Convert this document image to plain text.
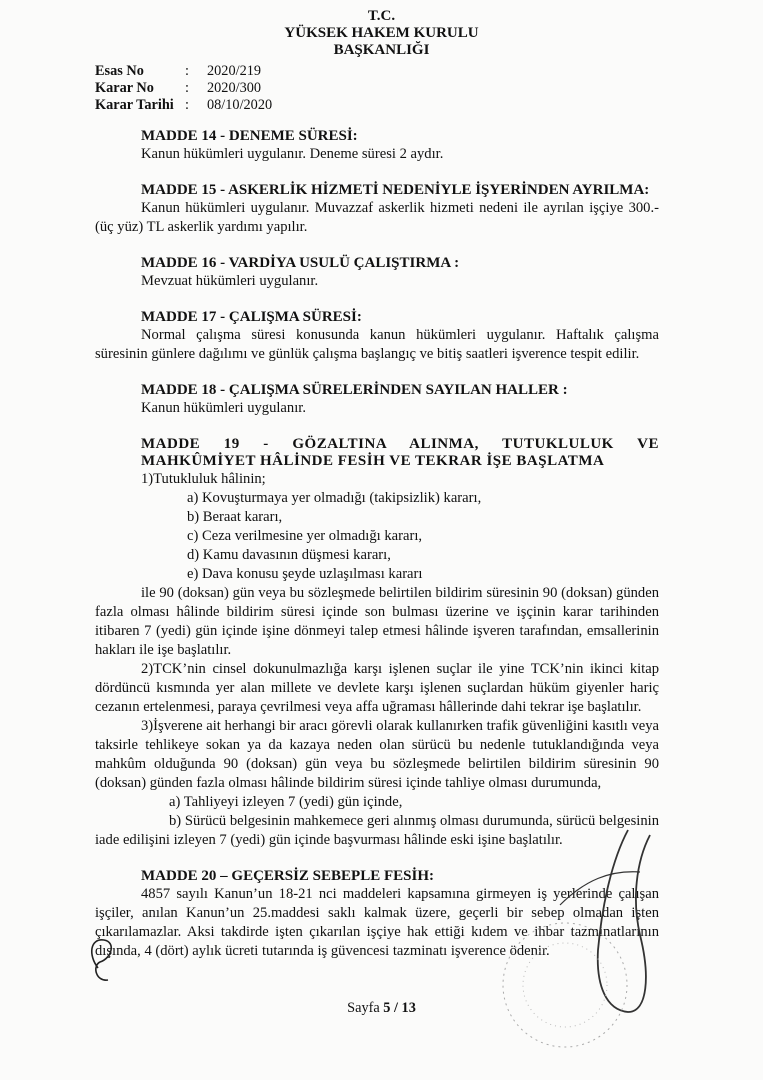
T.C.
YÜKSEK HAKEM KURULU
BAŞKANLIĞI
Esas No	:	2020/219
Karar No	:	2020/300
Karar Tarihi :	08/10/2020
MADDE 14 - DENEME SÜRESİ:

Kanun hükümleri uygulanır. Deneme süresi 2 aydır.

MADDE 15 - ASKERLİK HİZMETİ NEDENİYLE İŞYERİNDEN AYRILMA:

Kanun hükümleri uygulanır. Muvazzaf askerlik hizmeti nedeni ile ayrılan işçiye 300.- (üç yüz) TL askerlik yardımı yapılır.

MADDE 16 - VARDİYA USULÜ ÇALIŞTIRMA :

Mevzuat hükümleri uygulanır.

MADDE 17 - ÇALIŞMA SÜRESİ:

Normal çalışma süresi konusunda kanun hükümleri uygulanır. Haftalık çalışma süresinin günlere dağılımı ve günlük çalışma başlangıç ve bitiş saatleri işverence tespit edilir.

MADDE 18 - ÇALIŞMA SÜRELERİNDEN SAYILAN HALLER :

Kanun hükümleri uygulanır.

MADDE 19 - GÖZALTINA ALINMA, TUTUKLULUK VE MAHKÛMİYET HÂLİNDE FESİH VE TEKRAR İŞE BAŞLATMA

1)Tutukluluk hâlinin;

a) Kovuşturmaya yer olmadığı (takipsizlik) kararı,
b) Beraat kararı,
c) Ceza verilmesine yer olmadığı kararı,
d) Kamu davasının düşmesi kararı,
e) Dava konusu şeyde uzlaşılması kararı

ile 90 (doksan) gün veya bu sözleşmede belirtilen bildirim süresinin 90 (doksan) günden fazla olması hâlinde bildirim süresi içinde son bulması üzerine ve işçinin karar tarihinden itibaren 7 (yedi) gün içinde işine dönmeyi talep etmesi hâlinde işveren tarafından, emsallerinin hakları ile işe başlatılır.

2)TCK’nin cinsel dokunulmazlığa karşı işlenen suçlar ile yine TCK’nin ikinci kitap dördüncü kısmında yer alan millete ve devlete karşı işlenen suçlardan hüküm giyenler hariç cezanın ertelenmesi, paraya çevrilmesi veya affa uğraması hâllerinde dahi tekrar işe başlatılır.

3)İşverene ait herhangi bir aracı görevli olarak kullanırken trafik güvenliğini kasıtlı veya taksirle tehlikeye sokan ya da kazaya neden olan sürücü bu nedenle tutuklandığında veya mahkûm olduğunda 90 (doksan) gün veya bu sözleşmede belirtilen bildirim süresinin 90 (doksan) günden fazla olması hâlinde bildirim süresi içinde tahliye olması durumunda,

a) Tahliyeyi izleyen 7 (yedi) gün içinde,

b) Sürücü belgesinin mahkemece geri alınmış olması durumunda, sürücü belgesinin iade edilişini izleyen 7 (yedi) gün içinde başvurması hâlinde eski işine başlatılır.

MADDE 20 – GEÇERSİZ SEBEPLE FESİH:

4857 sayılı Kanun’un 18-21 nci maddeleri kapsamına girmeyen iş yerlerinde çalışan işçiler, anılan Kanun’un 25.maddesi saklı kalmak üzere, geçerli bir sebep olmadan işten çıkarılamazlar. Aksi takdirde işten çıkarılan işçiye hak ettiği kıdem ve ihbar tazminatlarının dışında, 4 (dört) aylık ücreti tutarında iş güvencesi tazminatı işverence ödenir.

Sayfa 5 / 13
